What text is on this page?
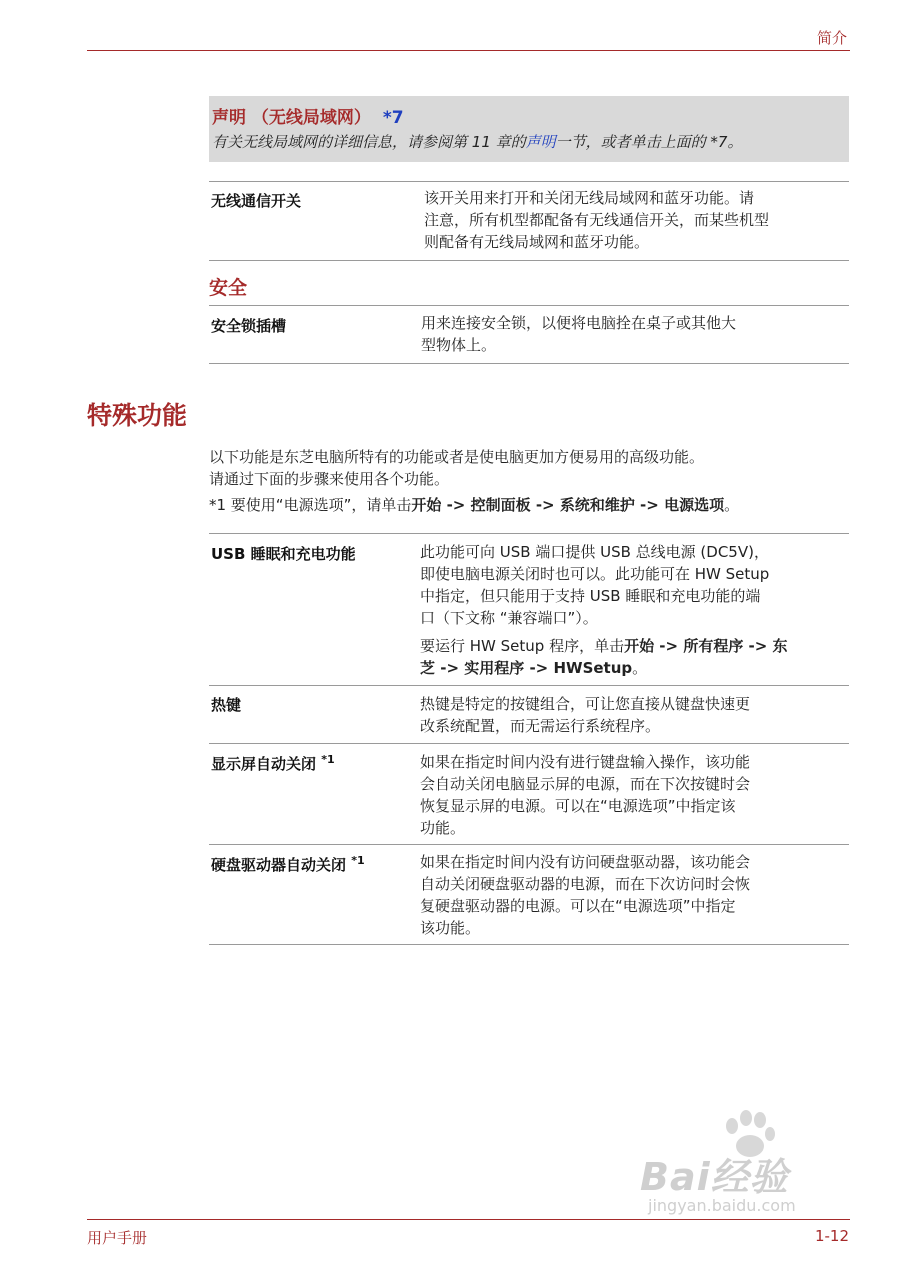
简介
声明 （无线局域网） *7
有关无线局域网的详细信息，请参阅第 11 章的声明一节，或者单击上面的 *7。
无线通信开关	该开关用来打开和关闭无线局域网和蓝牙功能。请
注意，所有机型都配备有无线通信开关，而某些机型
则配备有无线局域网和蓝牙功能。
安全
安全锁插槽	用来连接安全锁，以便将电脑拴在桌子或其他大
型物体上。
特殊功能
以下功能是东芝电脑所特有的功能或者是使电脑更加方便易用的高级功能。
请通过下面的步骤来使用各个功能。
*1 要使用“电源选项”，请单击开始 -> 控制面板 -> 系统和维护 -> 电源选项。
USB 睡眠和充电功能	此功能可向 USB 端口提供 USB 总线电源 (DC5V)，
即使电脑电源关闭时也可以。此功能可在 HW Setup
中指定，但只能用于支持 USB 睡眠和充电功能的端
口（下文称 “兼容端口”）。
要运行 HW Setup 程序，单击开始 -> 所有程序 -> 东
芝 -> 实用程序 -> HWSetup。
热键	热键是特定的按键组合，可让您直接从键盘快速更
改系统配置，而无需运行系统程序。
显示屏自动关闭 $^{*1}$	如果在指定时间内没有进行键盘输入操作，该功能
会自动关闭电脑显示屏的电源，而在下次按键时会
恢复显示屏的电源。可以在“电源选项”中指定该
功能。
硬盘驱动器自动关闭 $^{*1}$	如果在指定时间内没有访问硬盘驱动器，该功能会
自动关闭硬盘驱动器的电源，而在下次访问时会恢
复硬盘驱动器的电源。可以在“电源选项”中指定
该功能。
Bai经验
jingyan.baidu.com
用户手册	1-12
